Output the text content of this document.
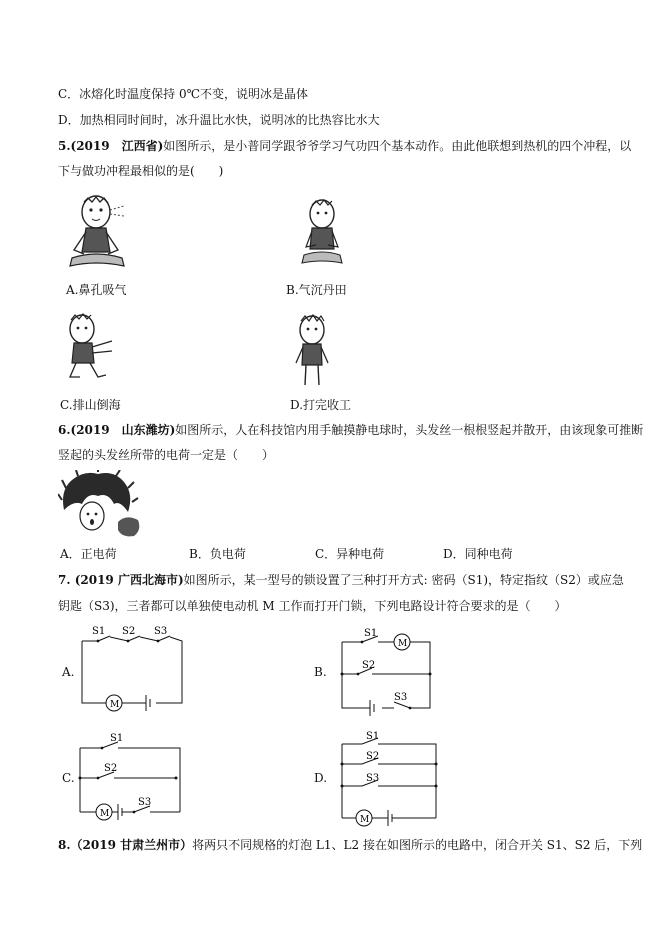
C．冰熔化时温度保持 0℃不变，说明冰是晶体
D．加热相同时间时，冰升温比水快，说明冰的比热容比水大
5.(2019　江西省)如图所示，是小普同学跟爷爷学习气功四个基本动作。由此他联想到热机的四个冲程，以
下与做功冲程最相似的是(　　)
A.鼻孔吸气	B.气沉丹田
C.排山倒海	D.打完收工
6.(2019　山东潍坊)如图所示，人在科技馆内用手触摸静电球时，头发丝一根根竖起并散开，由该现象可推断
竖起的头发丝所带的电荷一定是（　　）
A．正电荷	B．负电荷	C．异种电荷	D．同种电荷
7. (2019 广西北海市)如图所示，某一型号的锁设置了三种打开方式: 密码（S1)，特定指纹（S2）或应急
钥匙（S3)，三者都可以单独使电动机 M 工作而打开门锁，下列电路设计符合要求的是（　　）
A.
S1 S2 S3
M
B.
S1
S2
S3
M
C.
S1
S2
S3
M
D.
S1
S2
S3
M
8.（2019 甘肃兰州市）将两只不同规格的灯泡 L1、L2 接在如图所示的电路中，闭合开关 S1、S2 后，下列
